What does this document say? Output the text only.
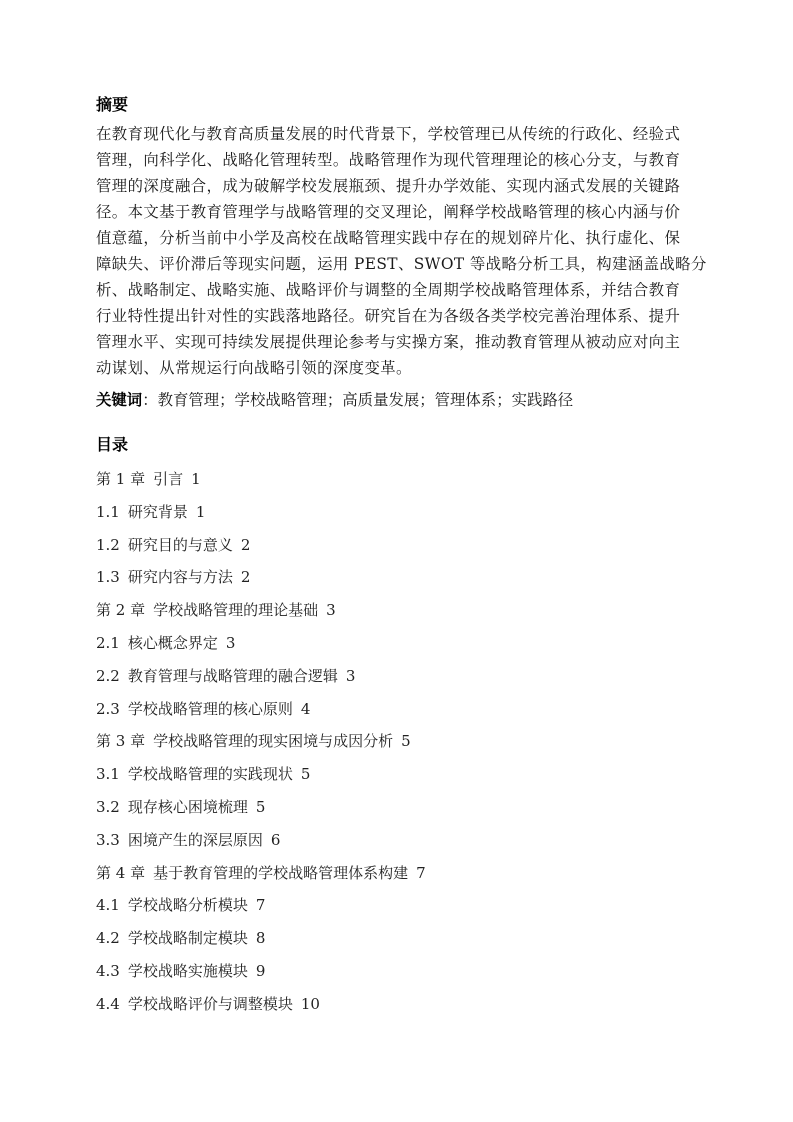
摘要
在教育现代化与教育高质量发展的时代背景下，学校管理已从传统的行政化、经验式
管理，向科学化、战略化管理转型。战略管理作为现代管理理论的核心分支，与教育
管理的深度融合，成为破解学校发展瓶颈、提升办学效能、实现内涵式发展的关键路
径。本文基于教育管理学与战略管理的交叉理论，阐释学校战略管理的核心内涵与价
值意蕴，分析当前中小学及高校在战略管理实践中存在的规划碎片化、执行虚化、保
障缺失、评价滞后等现实问题，运用 PEST、SWOT 等战略分析工具，构建涵盖战略分
析、战略制定、战略实施、战略评价与调整的全周期学校战略管理体系，并结合教育
行业特性提出针对性的实践落地路径。研究旨在为各级各类学校完善治理体系、提升
管理水平、实现可持续发展提供理论参考与实操方案，推动教育管理从被动应对向主
动谋划、从常规运行向战略引领的深度变革。
关键词：教育管理；学校战略管理；高质量发展；管理体系；实践路径
目录
第 1 章 引言 1
1.1 研究背景 1
1.2 研究目的与意义 2
1.3 研究内容与方法 2
第 2 章 学校战略管理的理论基础 3
2.1 核心概念界定 3
2.2 教育管理与战略管理的融合逻辑 3
2.3 学校战略管理的核心原则 4
第 3 章 学校战略管理的现实困境与成因分析 5
3.1 学校战略管理的实践现状 5
3.2 现存核心困境梳理 5
3.3 困境产生的深层原因 6
第 4 章 基于教育管理的学校战略管理体系构建 7
4.1 学校战略分析模块 7
4.2 学校战略制定模块 8
4.3 学校战略实施模块 9
4.4 学校战略评价与调整模块 10
